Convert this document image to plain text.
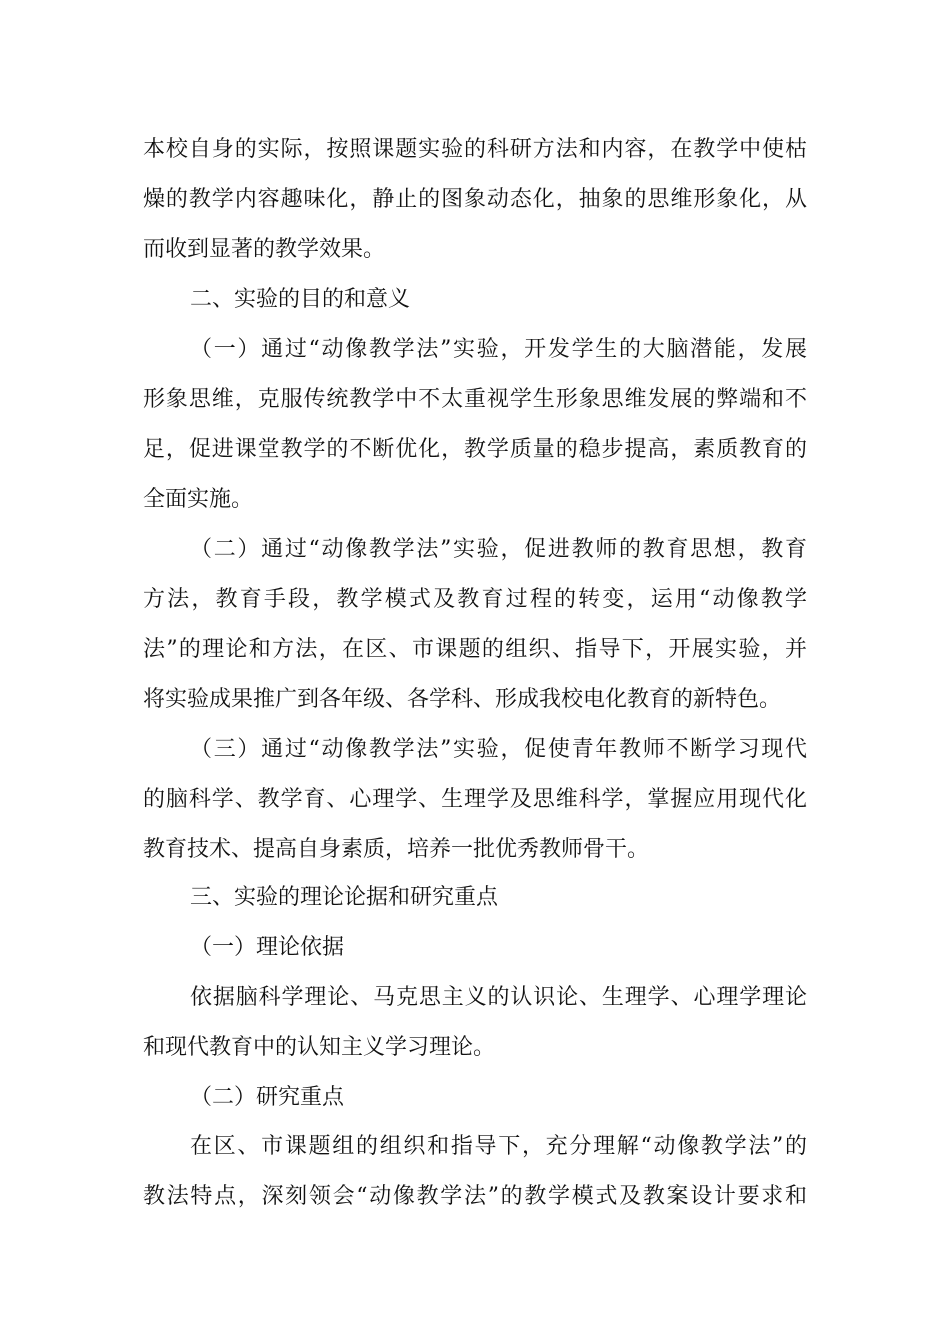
本校自身的实际，按照课题实验的科研方法和内容，在教学中使枯
燥的教学内容趣味化，静止的图象动态化，抽象的思维形象化，从
而收到显著的教学效果。
二、实验的目的和意义
（一）通过“动像教学法”实验，开发学生的大脑潜能，发展
形象思维，克服传统教学中不太重视学生形象思维发展的弊端和不
足，促进课堂教学的不断优化，教学质量的稳步提高，素质教育的
全面实施。
（二）通过“动像教学法”实验，促进教师的教育思想，教育
方法，教育手段，教学模式及教育过程的转变，运用“动像教学
法”的理论和方法，在区、市课题的组织、指导下，开展实验，并
将实验成果推广到各年级、各学科、形成我校电化教育的新特色。
（三）通过“动像教学法”实验，促使青年教师不断学习现代
的脑科学、教学育、心理学、生理学及思维科学，掌握应用现代化
教育技术、提高自身素质，培养一批优秀教师骨干。
三、实验的理论论据和研究重点
（一）理论依据
依据脑科学理论、马克思主义的认识论、生理学、心理学理论
和现代教育中的认知主义学习理论。
（二）研究重点
在区、市课题组的组织和指导下，充分理解“动像教学法”的
教法特点，深刻领会“动像教学法”的教学模式及教案设计要求和
